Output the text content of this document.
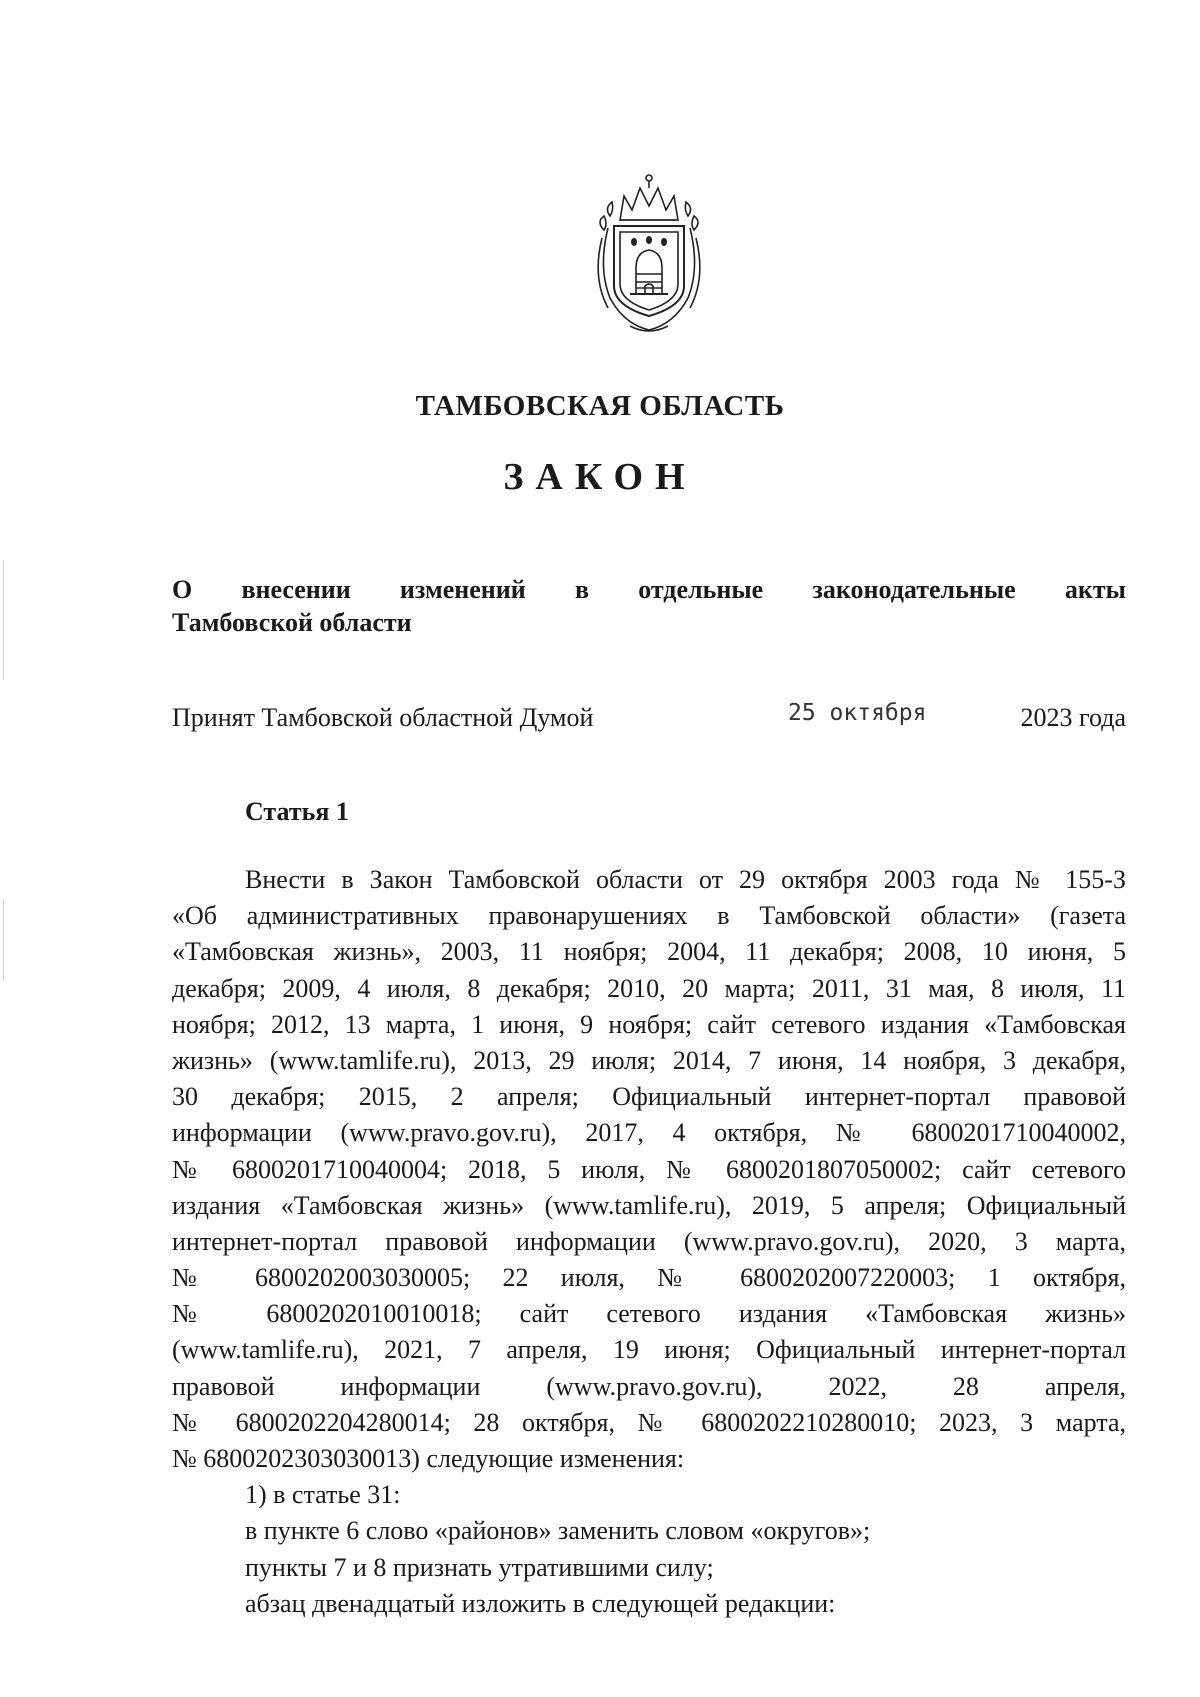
ТАМБОВСКАЯ ОБЛАСТЬ
ЗАКОН
О внесении изменений в отдельные законодательные акты
Тамбовской области
Принят Тамбовской областной Думой	25 октября	2023 года
Статья 1
Внести в Закон Тамбовской области от 29 октября 2003 года № 155-З
«Об административных правонарушениях в Тамбовской области» (газета
«Тамбовская жизнь», 2003, 11 ноября; 2004, 11 декабря; 2008, 10 июня, 5
декабря; 2009, 4 июля, 8 декабря; 2010, 20 марта; 2011, 31 мая, 8 июля, 11
ноября; 2012, 13 марта, 1 июня, 9 ноября; сайт сетевого издания «Тамбовская
жизнь» (www.tamlife.ru), 2013, 29 июля; 2014, 7 июня, 14 ноября, 3 декабря,
30 декабря; 2015, 2 апреля; Официальный интернет-портал правовой
информации (www.pravo.gov.ru), 2017, 4 октября, № 6800201710040002,
№ 6800201710040004; 2018, 5 июля, № 6800201807050002; сайт сетевого
издания «Тамбовская жизнь» (www.tamlife.ru), 2019, 5 апреля; Официальный
интернет-портал правовой информации (www.pravo.gov.ru), 2020, 3 марта,
№ 6800202003030005; 22 июля, № 6800202007220003; 1 октября,
№ 6800202010010018; сайт сетевого издания «Тамбовская жизнь»
(www.tamlife.ru), 2021, 7 апреля, 19 июня; Официальный интернет-портал
правовой информации (www.pravo.gov.ru), 2022, 28 апреля,
№ 6800202204280014; 28 октября, № 6800202210280010; 2023, 3 марта,
№ 6800202303030013) следующие изменения:
1) в статье 31:
в пункте 6 слово «районов» заменить словом «округов»;
пункты 7 и 8 признать утратившими силу;
абзац двенадцатый изложить в следующей редакции:
